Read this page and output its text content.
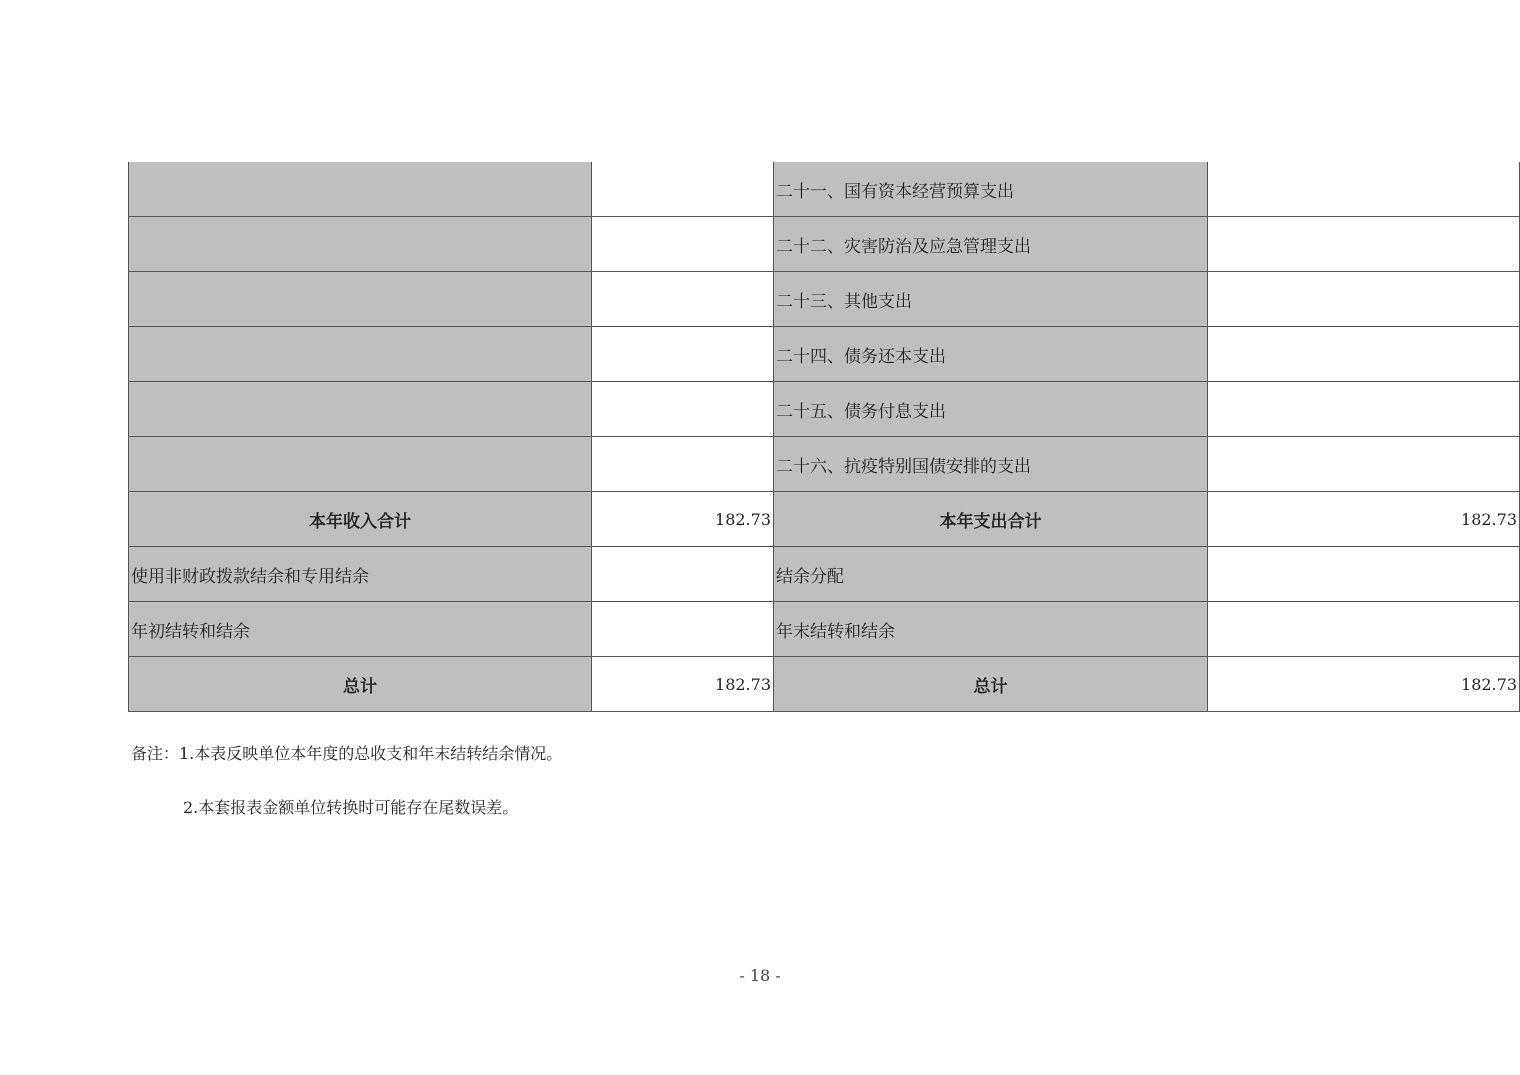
		二十一、国有资本经营预算支出	
		二十二、灾害防治及应急管理支出	
		二十三、其他支出	
		二十四、债务还本支出	
		二十五、债务付息支出	
		二十六、抗疫特别国债安排的支出	
本年收入合计	182.73	本年支出合计	182.73
使用非财政拨款结余和专用结余		结余分配	
年初结转和结余		年末结转和结余	
总计	182.73	总计	182.73
备注：1.本表反映单位本年度的总收支和年末结转结余情况。
2.本套报表金额单位转换时可能存在尾数误差。
- 18 -
